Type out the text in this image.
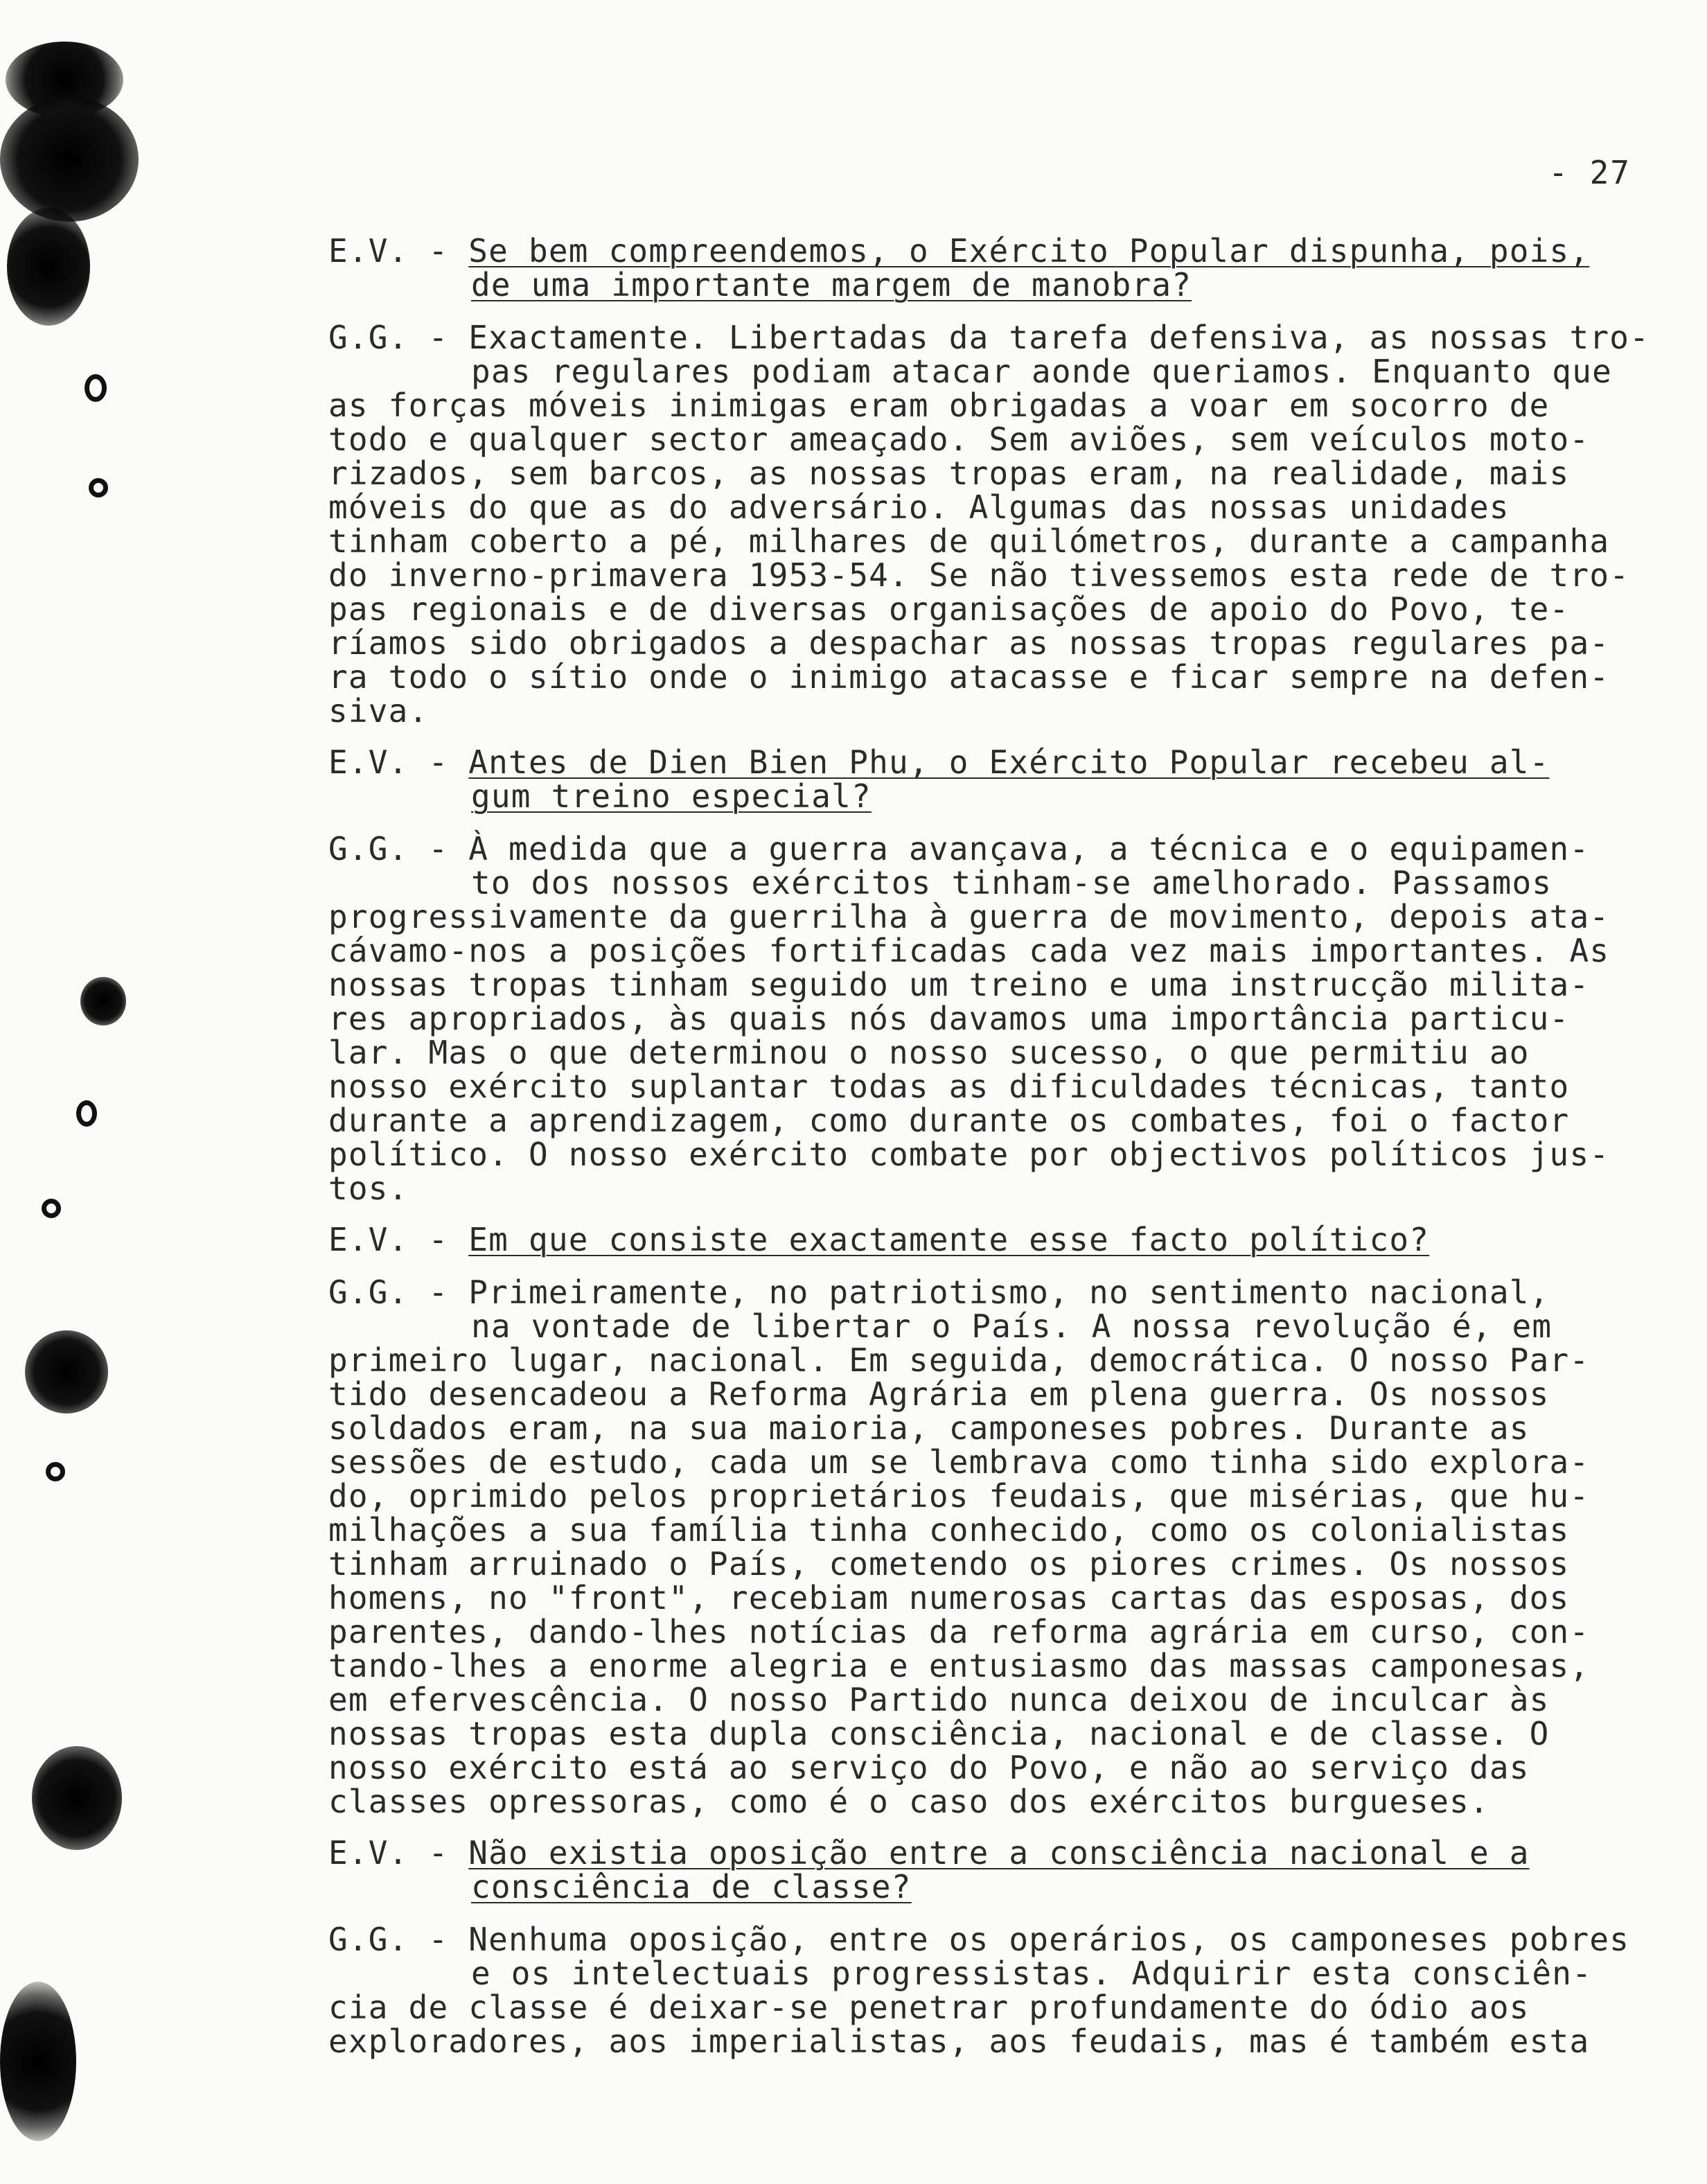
- 27
E.V. - Se bem compreendemos, o Exército Popular dispunha, pois,
de uma importante margem de manobra?
G.G. - Exactamente. Libertadas da tarefa defensiva, as nossas tro-
pas regulares podiam atacar aonde queriamos. Enquanto que
as forças móveis inimigas eram obrigadas a voar em socorro de
todo e qualquer sector ameaçado. Sem aviões, sem veículos moto-
rizados, sem barcos, as nossas tropas eram, na realidade, mais
móveis do que as do adversário. Algumas das nossas unidades
tinham coberto a pé, milhares de quilómetros, durante a campanha
do inverno-primavera 1953-54. Se não tivessemos esta rede de tro-
pas regionais e de diversas organisações de apoio do Povo, te-
ríamos sido obrigados a despachar as nossas tropas regulares pa-
ra todo o sítio onde o inimigo atacasse e ficar sempre na defen-
siva.
E.V. - Antes de Dien Bien Phu, o Exército Popular recebeu al-
gum treino especial?
G.G. - À medida que a guerra avançava, a técnica e o equipamen-
to dos nossos exércitos tinham-se amelhorado. Passamos
progressivamente da guerrilha à guerra de movimento, depois ata-
cávamo-nos a posições fortificadas cada vez mais importantes. As
nossas tropas tinham seguido um treino e uma instrucção milita-
res apropriados, às quais nós davamos uma importância particu-
lar. Mas o que determinou o nosso sucesso, o que permitiu ao
nosso exército suplantar todas as dificuldades técnicas, tanto
durante a aprendizagem, como durante os combates, foi o factor
político. O nosso exército combate por objectivos políticos jus-
tos.
E.V. - Em que consiste exactamente esse facto político?
G.G. - Primeiramente, no patriotismo, no sentimento nacional,
na vontade de libertar o País. A nossa revolução é, em
primeiro lugar, nacional. Em seguida, democrática. O nosso Par-
tido desencadeou a Reforma Agrária em plena guerra. Os nossos
soldados eram, na sua maioria, camponeses pobres. Durante as
sessões de estudo, cada um se lembrava como tinha sido explora-
do, oprimido pelos proprietários feudais, que misérias, que hu-
milhações a sua família tinha conhecido, como os colonialistas
tinham arruinado o País, cometendo os piores crimes. Os nossos
homens, no "front", recebiam numerosas cartas das esposas, dos
parentes, dando-lhes notícias da reforma agrária em curso, con-
tando-lhes a enorme alegria e entusiasmo das massas camponesas,
em efervescência. O nosso Partido nunca deixou de inculcar às
nossas tropas esta dupla consciência, nacional e de classe. O
nosso exército está ao serviço do Povo, e não ao serviço das
classes opressoras, como é o caso dos exércitos burgueses.
E.V. - Não existia oposição entre a consciência nacional e a
consciência de classe?
G.G. - Nenhuma oposição, entre os operários, os camponeses pobres
e os intelectuais progressistas. Adquirir esta consciên-
cia de classe é deixar-se penetrar profundamente do ódio aos
exploradores, aos imperialistas, aos feudais, mas é também esta
